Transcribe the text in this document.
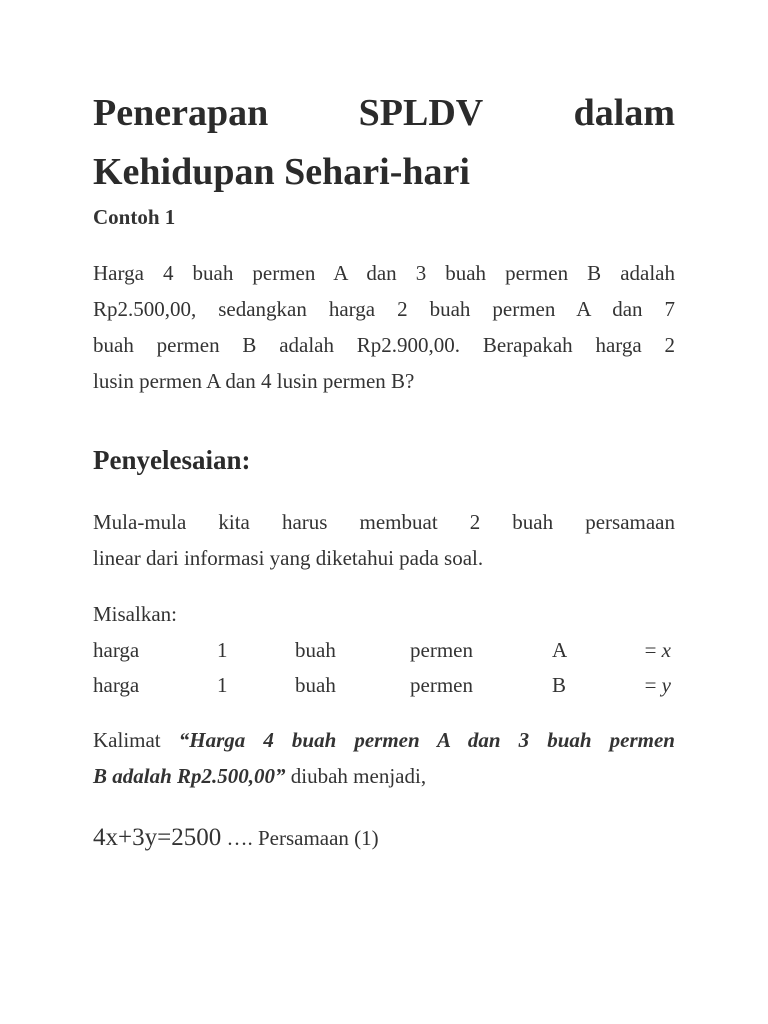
Penerapan SPLDV dalam
Kehidupan Sehari-hari

Contoh 1

Harga 4 buah permen A dan 3 buah permen B adalah
Rp2.500,00, sedangkan harga 2 buah permen A dan 7
buah permen B adalah Rp2.900,00. Berapakah harga 2
lusin permen A dan 4 lusin permen B?

Penyelesaian:

Mula-mula kita harus membuat 2 buah persamaan
linear dari informasi yang diketahui pada soal.

Misalkan:

harga	1	buah	permen	A	= x
harga	1	buah	permen	B	= y

Kalimat “Harga 4 buah permen A dan 3 buah permen
B adalah Rp2.500,00” diubah menjadi,

4x+3y=2500 …. Persamaan (1)
